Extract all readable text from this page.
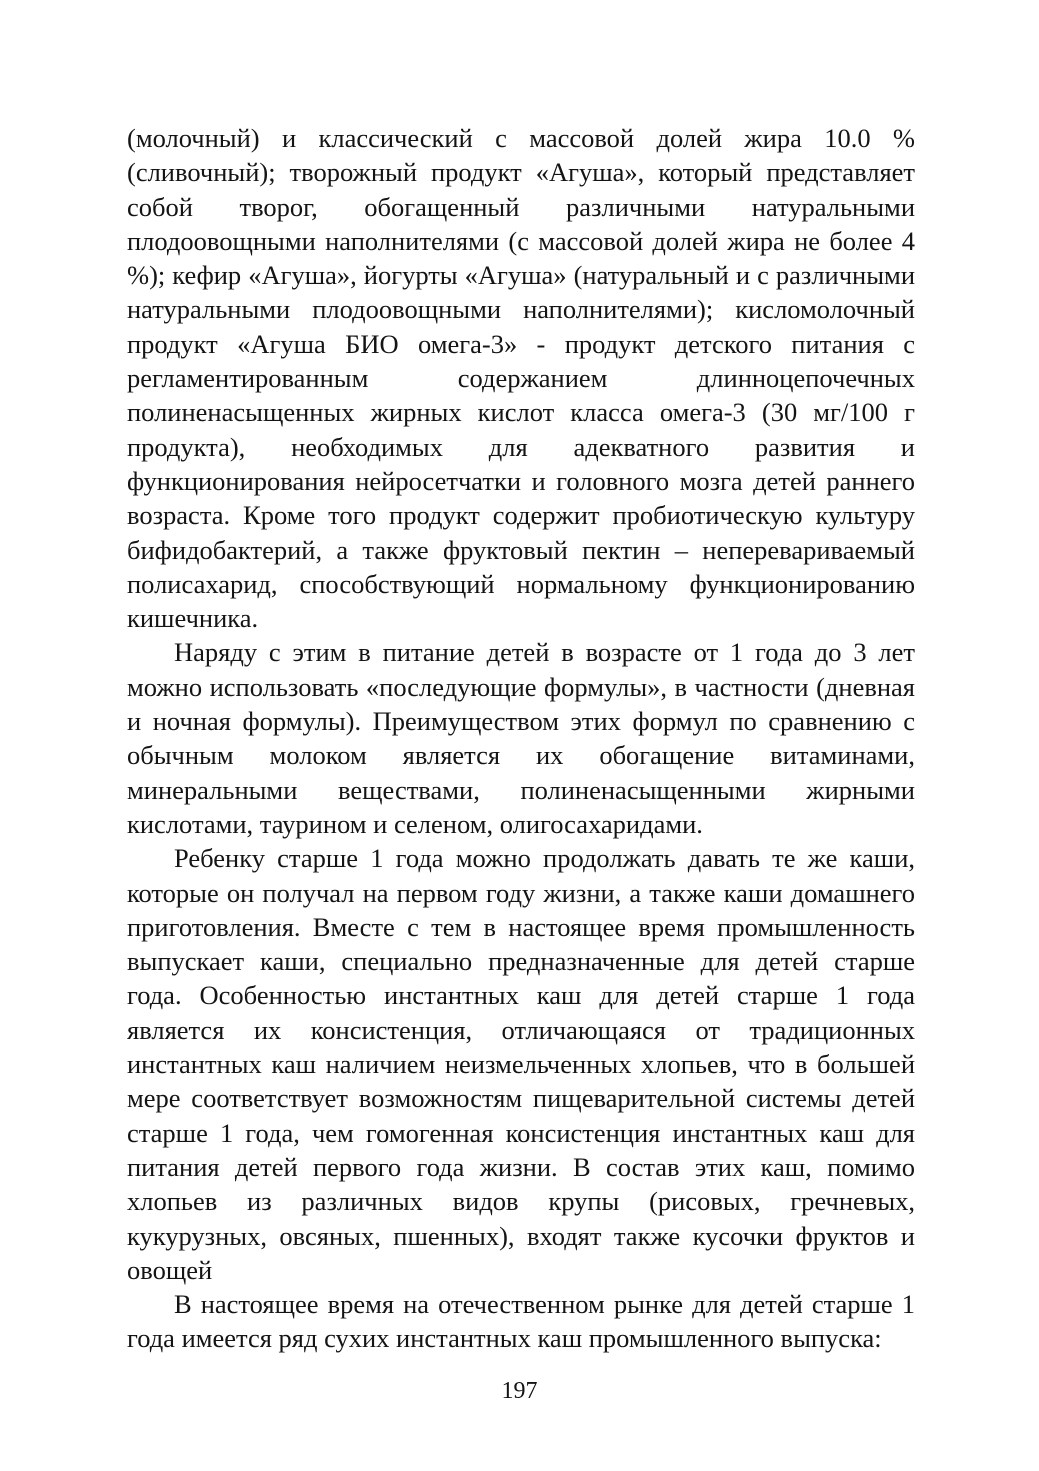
(молочный) и классический с массовой долей жира 10.0 % (сливочный); творожный продукт «Агуша», который представляет собой творог, обогащенный различными натуральными плодоовощными наполнителями (с массовой долей жира не более 4 %); кефир «Агуша», йогурты «Агуша» (натуральный и с различными натуральными плодоовощными наполнителями); кисломолочный продукт «Агуша БИО омега-3» - продукт детского питания с регламентированным содержанием длинноцепочечных полиненасыщенных жирных кислот класса омега-3 (30 мг/100 г продукта), необходимых для адекватного развития и функционирования нейросетчатки и головного мозга детей раннего возраста. Кроме того продукт содержит пробиотическую культуру бифидобактерий, а также фруктовый пектин – неперевариваемый полисахарид, способствующий нормальному функционированию кишечника.

Наряду с этим в питание детей в возрасте от 1 года до 3 лет можно использовать «последующие формулы», в частности (дневная и ночная формулы). Преимуществом этих формул по сравнению с обычным молоком является их обогащение витаминами, минеральными веществами, полиненасыщенными жирными кислотами, таурином и селеном, олигосахаридами.

Ребенку старше 1 года можно продолжать давать те же каши, которые он получал на первом году жизни, а также каши домашнего приготовления. Вместе с тем в настоящее время промышленность выпускает каши, специально предназначенные для детей старше года. Особенностью инстантных каш для детей старше 1 года является их консистенция, отличающаяся от традиционных инстантных каш наличием неизмельченных хлопьев, что в большей мере соответствует возможностям пищеварительной системы детей старше 1 года, чем гомогенная консистенция инстантных каш для питания детей первого года жизни. В состав этих каш, помимо хлопьев из различных видов крупы (рисовых, гречневых, кукурузных, овсяных, пшенных), входят также кусочки фруктов и овощей

В настоящее время на отечественном рынке для детей старше 1 года имеется ряд сухих инстантных каш промышленного выпуска:

197
